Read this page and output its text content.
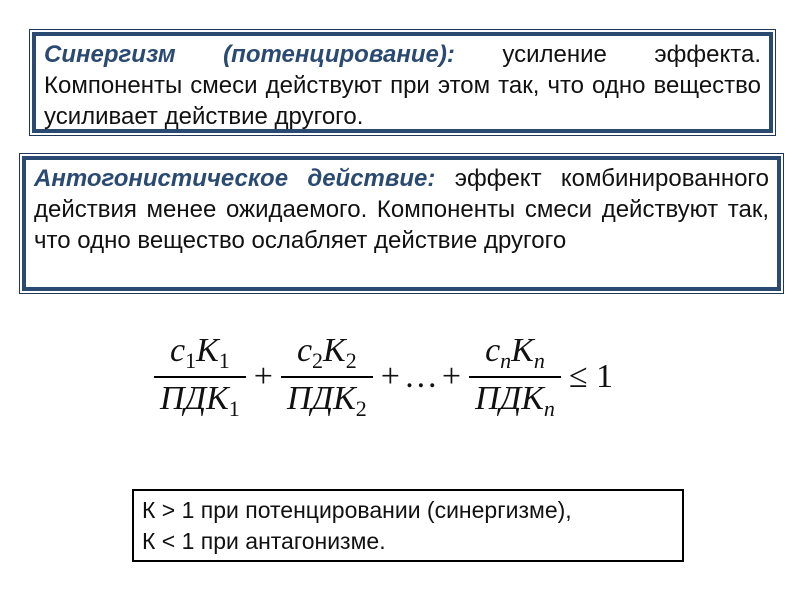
Синергизм (потенцирование): усиление эффекта. Компоненты смеси действуют при этом так, что одно вещество усиливает действие другого.

Антогонистическое действие: эффект комбинированного действия менее ожидаемого. Компоненты смеси действуют так, что одно вещество ослабляет действие другого

$\frac{c_1K_1}{ПДК_1} + \frac{c_2K_2}{ПДК_2}$ + … + $\frac{c_nK_n}{ПДК_n} \le 1$
К > 1 при потенцировании (синергизме),
К < 1 при антагонизме.
